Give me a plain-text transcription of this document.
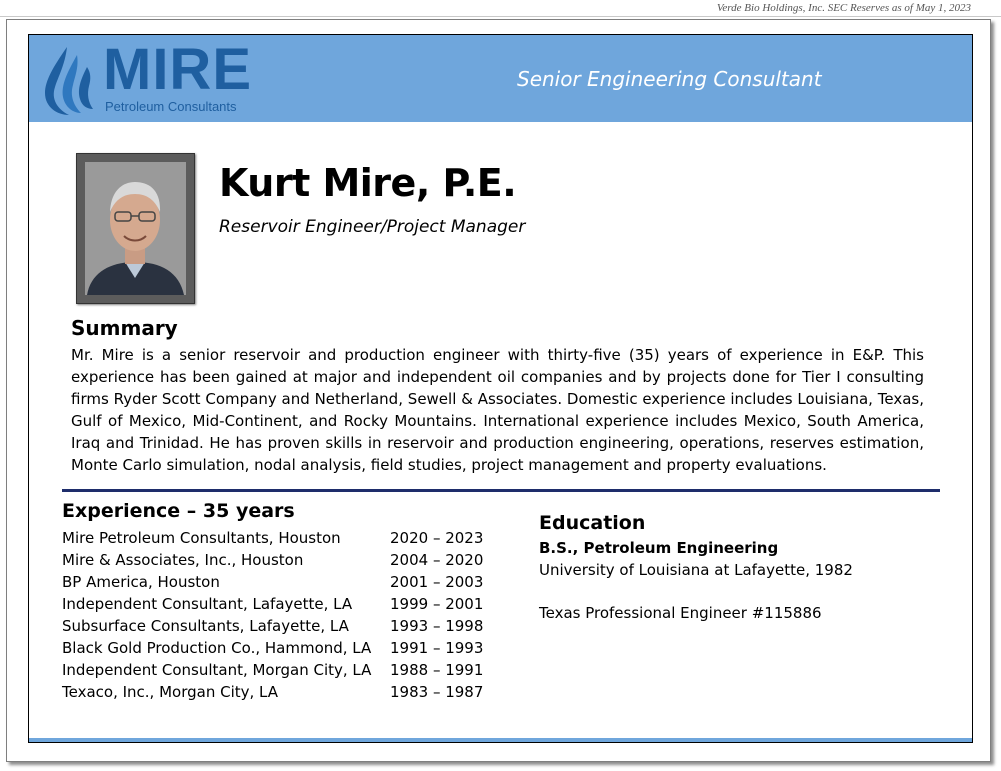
Verde Bio Holdings, Inc. SEC Reserves as of May 1, 2023
MIRE
Petroleum Consultants
Senior Engineering Consultant
Kurt Mire, P.E.
Reservoir Engineer/Project Manager
Summary

Mr. Mire is a senior reservoir and production engineer with thirty-five (35) years of experience in E&P. This experience has been gained at major and independent oil companies and by projects done for Tier I consulting firms Ryder Scott Company and Netherland, Sewell & Associates. Domestic experience includes Louisiana, Texas, Gulf of Mexico, Mid-Continent, and Rocky Mountains. International experience includes Mexico, South America, Iraq and Trinidad. He has proven skills in reservoir and production engineering, operations, reserves estimation, Monte Carlo simulation, nodal analysis, field studies, project management and property evaluations.

Experience – 35 years
Mire Petroleum Consultants, Houston	2020 – 2023
Mire & Associates, Inc., Houston	2004 – 2020
BP America, Houston	2001 – 2003
Independent Consultant, Lafayette, LA	1999 – 2001
Subsurface Consultants, Lafayette, LA	1993 – 1998
Black Gold Production Co., Hammond, LA 1991 – 1993
Independent Consultant, Morgan City, LA 1988 – 1991
Texaco, Inc., Morgan City, LA	1983 – 1987
Education
B.S., Petroleum Engineering
University of Louisiana at Lafayette, 1982
Texas Professional Engineer #115886
